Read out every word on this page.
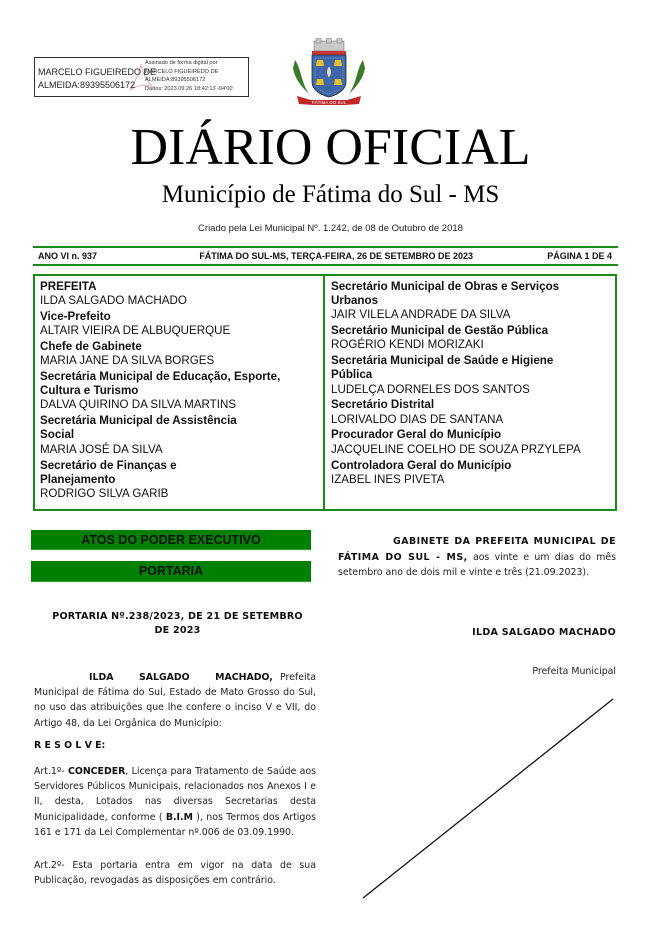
MARCELO FIGUEIREDO DE
ALMEIDA:89395506172
Assinado de forma digital por
MARCELO FIGUEIREDO DE
ALMEIDA:89395506172
Dados: 2023.09.26 18:42:13 -04'00'
FÁTIMA DO SUL
DIÁRIO OFICIAL
Município de Fátima do Sul - MS
Criado pela Lei Municipal Nº. 1.242, de 08 de Outubro de 2018
ANO VI n. 937	FÁTIMA DO SUL-MS, TERÇA-FEIRA, 26 DE SETEMBRO DE 2023	PÁGINA 1 DE 4
PREFEITA
ILDA SALGADO MACHADO
Vice-Prefeito
ALTAIR VIEIRA DE ALBUQUERQUE
Chefe de Gabinete
MARIA JANE DA SILVA BORGES
Secretária Municipal de Educação, Esporte, Cultura e Turismo
DALVA QUIRINO DA SILVA MARTINS
Secretária Municipal de Assistência Social
MARIA JOSÉ DA SILVA
Secretário de Finanças e Planejamento
RODRIGO SILVA GARIB
Secretário Municipal de Obras e Serviços Urbanos
JAIR VILELA ANDRADE DA SILVA
Secretário Municipal de Gestão Pública
ROGÉRIO KENDI MORIZAKI
Secretária Municipal de Saúde e Higiene Pública
LUDELÇA DORNELES DOS SANTOS
Secretário Distrital
LORIVALDO DIAS DE SANTANA
Procurador Geral do Município
JACQUELINE COELHO DE SOUZA PRZYLEPA
Controladora Geral do Município
IZABEL INES PIVETA
ATOS DO PODER EXECUTIVO
PORTARIA
PORTARIA Nº.238/2023, DE 21 DE SETEMBRO
DE 2023
ILDA SALGADO MACHADO, Prefeita Municipal de Fátima do Sul, Estado de Mato Grosso do Sul, no uso das atribuições que lhe confere o inciso V e VII, do Artigo 48, da Lei Orgânica do Município:
R E S O L V E:
Art.1º- CONCEDER, Licença para Tratamento de Saúde aos Servidores Públicos Municipais, relacionados nos Anexos I e II, desta, Lotados nas diversas Secretarias desta Municipalidade, conforme ( B.I.M ), nos Termos dos Artigos 161 e 171 da Lei Complementar nº.006 de 03.09.1990.
Art.2º- Esta portaria entra em vigor na data de sua Publicação, revogadas as disposições em contrário.
GABINETE DA PREFEITA MUNICIPAL DE FÁTIMA DO SUL - MS, aos vinte e um dias do mês setembro ano de dois mil e vinte e três (21.09.2023).
ILDA SALGADO MACHADO
Prefeita Municipal
